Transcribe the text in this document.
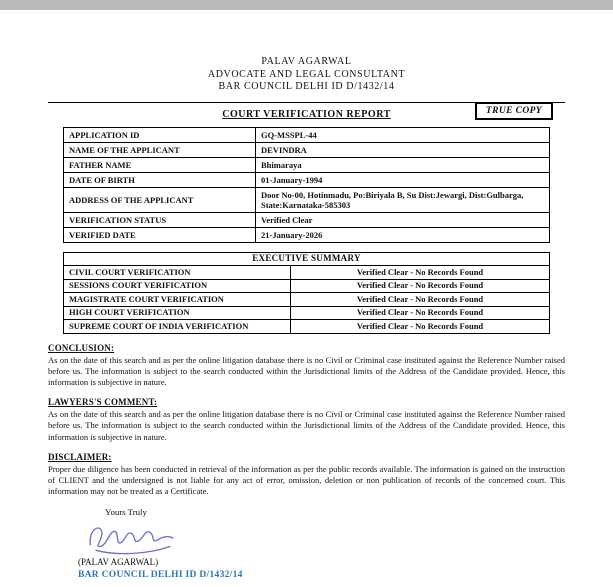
TRUE COPY
PALAV AGARWAL
ADVOCATE AND LEGAL CONSULTANT
BAR COUNCIL DELHI ID D/1432/14
COURT VERIFICATION REPORT
APPLICATION ID	GQ-MSSPL-44
NAME OF THE APPLICANT	DEVINDRA
FATHER NAME	Bhimaraya
DATE OF BIRTH	01-January-1994
ADDRESS OF THE APPLICANT	Door No-00, Hotinmadu, Po:Biriyala B, Su Dist:Jewargi, Dist:Gulbarga, State:Karnataka-585303
VERIFICATION STATUS	Verified Clear
VERIFIED DATE	21-January-2026
EXECUTIVE SUMMARY	
CIVIL COURT VERIFICATION	Verified Clear - No Records Found
SESSIONS COURT VERIFICATION	Verified Clear - No Records Found
MAGISTRATE COURT VERIFICATION	Verified Clear - No Records Found
HIGH COURT VERIFICATION	Verified Clear - No Records Found
SUPREME COURT OF INDIA VERIFICATION	Verified Clear - No Records Found
CONCLUSION:
As on the date of this search and as per the online litigation database there is no Civil or Criminal case instituted against the Reference Number raised before us. The information is subject to the search conducted within the Jurisdictional limits of the Address of the Candidate provided. Hence, this information is subjective in nature.
LAWYERS'S COMMENT:
As on the date of this search and as per the online litigation database there is no Civil or Criminal case instituted against the Reference Number raised before us. The information is subject to the search conducted within the Jurisdictional limits of the Address of the Candidate provided. Hence, this information is subjective in nature.
DISCLAIMER:
Proper due diligence has been conducted in retrieval of the information as per the public records available. The information is gained on the instruction of CLIENT and the undersigned is not liable for any act of error, omission, deletion or non publication of records of the concerned court. This information may not be treated as a Certificate.
Yours Truly
(PALAV AGARWAL)
BAR COUNCIL DELHI ID D/1432/14
